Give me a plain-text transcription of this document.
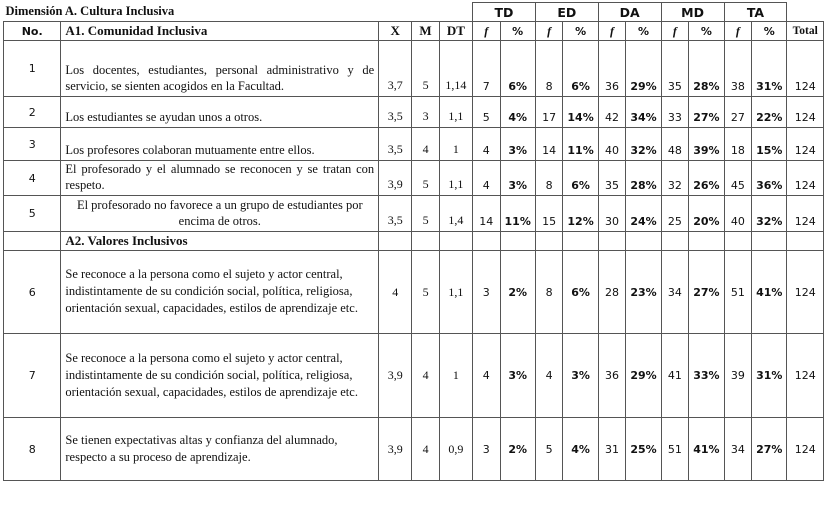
Dimensión A. Cultura Inclusiva					TD		ED		DA		MD		TA		
No.	A1. Comunidad Inclusiva	X	M	DT	f	%	f	%	f	%	f	%	f	%	Total
1	Los docentes, estudiantes, personal administrativo y de servicio, se sienten acogidos en la Facultad.	3,7	5	1,14	7	6%	8	6%	36	29%	35	28%	38	31%	124
2	Los estudiantes se ayudan unos a otros.	3,5	3	1,1	5	4%	17	14%	42	34%	33	27%	27	22%	124
3	Los profesores colaboran mutuamente entre ellos.	3,5	4	1	4	3%	14	11%	40	32%	48	39%	18	15%	124
4	El profesorado y el alumnado se reconocen y se tratan con respeto.	3,9	5	1,1	4	3%	8	6%	35	28%	32	26%	45	36%	124
5	El profesorado no favorece a un grupo de estudiantes por encima de otros.	3,5	5	1,4	14	11%	15	12%	30	24%	25	20%	40	32%	124
	A2. Valores Inclusivos														
6	Se reconoce a la persona como el sujeto y actor central, indistintamente de su condición social, política, religiosa, orientación sexual, capacidades, estilos de aprendizaje etc.	4	5	1,1	3	2%	8	6%	28	23%	34	27%	51	41%	124
7	Se reconoce a la persona como el sujeto y actor central, indistintamente de su condición social, política, religiosa, orientación sexual, capacidades, estilos de aprendizaje etc.	3,9	4	1	4	3%	4	3%	36	29%	41	33%	39	31%	124
8	Se tienen expectativas altas y confianza del alumnado, respecto a su proceso de aprendizaje.	3,9	4	0,9	3	2%	5	4%	31	25%	51	41%	34	27%	124
